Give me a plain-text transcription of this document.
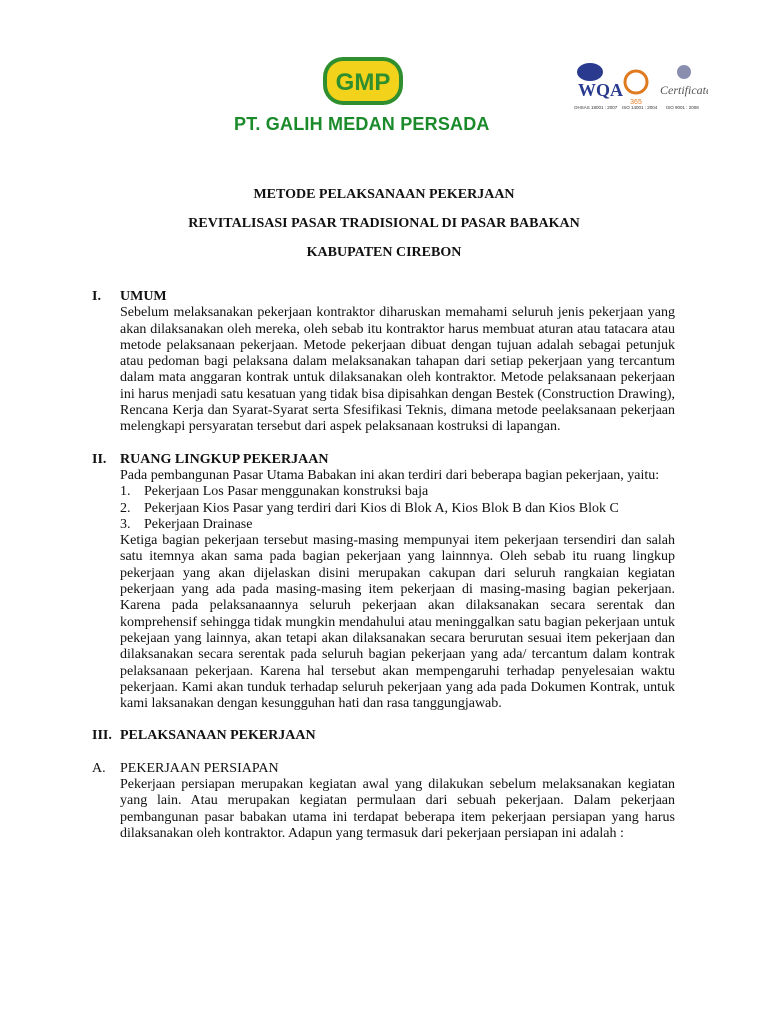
GMP
PT. GALIH MEDAN PERSADA
WQA
365
Certificate
OHSAS 18001 : 2007 ISO 14001 : 2004 ISO 9001 : 2008
METODE PELAKSANAAN PEKERJAAN
REVITALISASI PASAR TRADISIONAL DI PASAR BABAKAN
KABUPATEN CIREBON
I.	UMUM
Sebelum melaksanakan pekerjaan kontraktor diharuskan memahami seluruh jenis pekerjaan yang akan dilaksanakan oleh mereka, oleh sebab itu kontraktor harus membuat aturan atau tatacara atau metode pelaksanaan pekerjaan. Metode pekerjaan dibuat dengan tujuan adalah sebagai petunjuk atau pedoman bagi pelaksana dalam melaksanakan tahapan dari setiap pekerjaan yang tercantum dalam mata anggaran kontrak untuk dilaksanakan oleh kontraktor. Metode pelaksanaan pekerjaan ini harus menjadi satu kesatuan yang tidak bisa dipisahkan dengan Bestek (Construction Drawing), Rencana Kerja dan Syarat-Syarat serta Sfesifikasi Teknis, dimana metode peelaksanaan pekerjaan melengkapi persyaratan tersebut dari aspek pelaksanaan kostruksi di lapangan.
II. RUANG LINGKUP PEKERJAAN
Pada pembangunan Pasar Utama Babakan ini akan terdiri dari beberapa bagian pekerjaan, yaitu:
1. Pekerjaan Los Pasar menggunakan konstruksi baja
2. Pekerjaan Kios Pasar yang terdiri dari Kios di Blok A, Kios Blok B dan Kios Blok C
3. Pekerjaan Drainase
Ketiga bagian pekerjaan tersebut masing-masing mempunyai item pekerjaan tersendiri dan salah satu itemnya akan sama pada bagian pekerjaan yang lainnnya. Oleh sebab itu ruang lingkup pekerjaan yang akan dijelaskan disini merupakan cakupan dari seluruh rangkaian kegiatan pekerjaan yang ada pada masing-masing item pekerjaan di masing-masing bagian pekerjaan. Karena pada pelaksanaannya seluruh pekerjaan akan dilaksanakan secara serentak dan komprehensif sehingga tidak mungkin mendahului atau meninggalkan satu bagian pekerjaan untuk pekejaan yang lainnya, akan tetapi akan dilaksanakan secara berurutan sesuai item pekerjaan dan dilaksanakan secara serentak pada seluruh bagian pekerjaan yang ada/ tercantum dalam kontrak pelaksanaan pekerjaan. Karena hal tersebut akan mempengaruhi terhadap penyelesaian waktu pekerjaan. Kami akan tunduk terhadap seluruh pekerjaan yang ada pada Dokumen Kontrak, untuk kami laksanakan dengan kesungguhan hati dan rasa tanggungjawab.
III. PELAKSANAAN PEKERJAAN
A.	PEKERJAAN PERSIAPAN
Pekerjaan persiapan merupakan kegiatan awal yang dilakukan sebelum melaksanakan kegiatan yang lain. Atau merupakan kegiatan permulaan dari sebuah pekerjaan. Dalam pekerjaan pembangunan pasar babakan utama ini terdapat beberapa item pekerjaan persiapan yang harus dilaksanakan oleh kontraktor. Adapun yang termasuk dari pekerjaan persiapan ini adalah :
